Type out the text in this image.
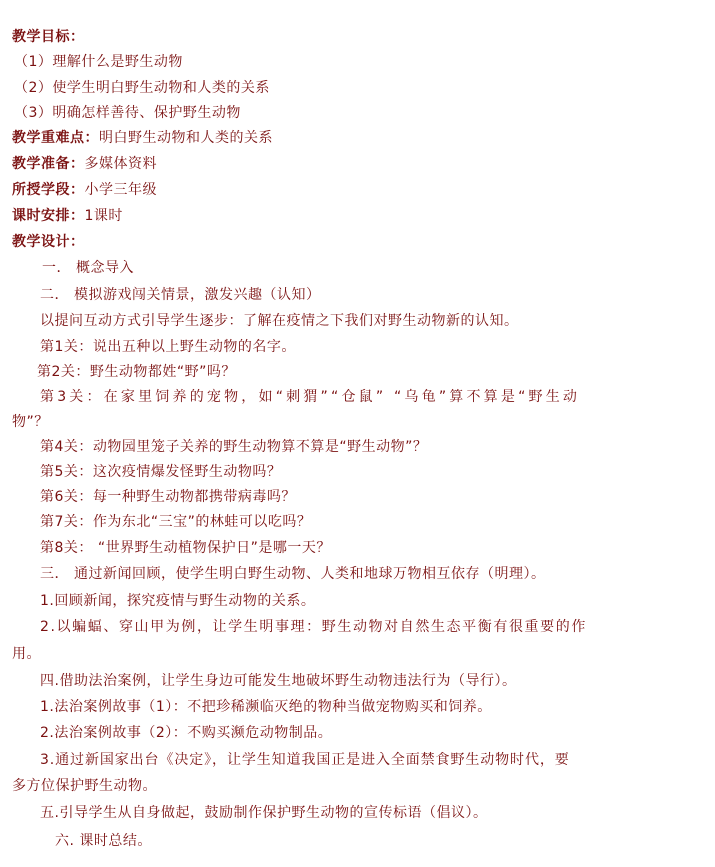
教学目标：
（1）理解什么是野生动物
（2）使学生明白野生动物和人类的关系
（3）明确怎样善待、保护野生动物
教学重难点：明白野生动物和人类的关系
教学准备：多媒体资料
所授学段：小学三年级
课时安排：1课时
教学设计：
一． 概念导入
二． 模拟游戏闯关情景，激发兴趣（认知）
以提问互动方式引导学生逐步：了解在疫情之下我们对野生动物新的认知。
第1关：说出五种以上野生动物的名字。
第2关：野生动物都姓“野”吗？
第3关：在家里饲养的宠物，如“刺猬”“仓鼠” “乌龟”算不算是“野生动
物”？
第4关：动物园里笼子关养的野生动物算不算是“野生动物”？
第5关：这次疫情爆发怪野生动物吗？
第6关：每一种野生动物都携带病毒吗？
第7关：作为东北“三宝”的林蛙可以吃吗？
第8关： “世界野生动植物保护日”是哪一天？
三． 通过新闻回顾，使学生明白野生动物、人类和地球万物相互依存（明理）。
1.回顾新闻，探究疫情与野生动物的关系。
2.以蝙蝠、穿山甲为例，让学生明事理：野生动物对自然生态平衡有很重要的作
用。
四.借助法治案例，让学生身边可能发生地破坏野生动物违法行为（导行）。
1.法治案例故事（1）：不把珍稀濒临灭绝的物种当做宠物购买和饲养。
2.法治案例故事（2）：不购买濒危动物制品。
3.通过新国家出台《决定》，让学生知道我国正是进入全面禁食野生动物时代，要
多方位保护野生动物。
五.引导学生从自身做起，鼓励制作保护野生动物的宣传标语（倡议）。
六. 课时总结。
